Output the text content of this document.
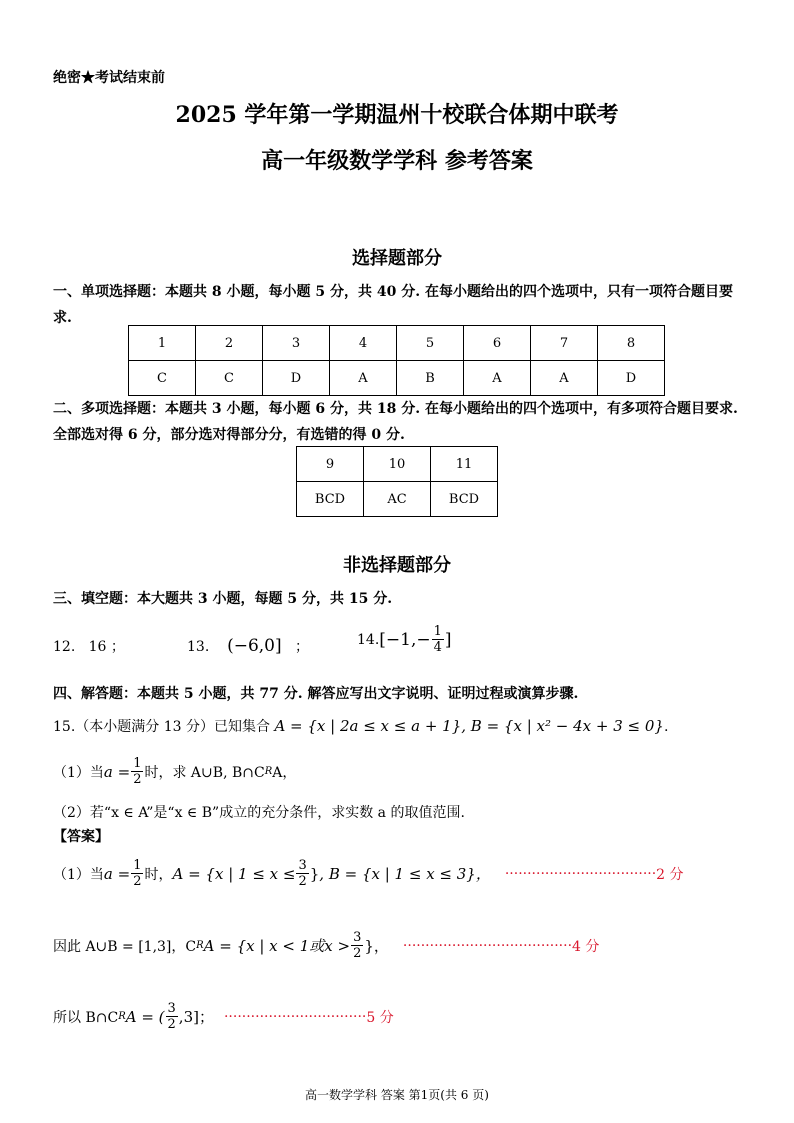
绝密★考试结束前
2025 学年第一学期温州十校联合体期中联考
高一年级数学学科 参考答案
选择题部分
一、单项选择题：本题共 8 小题，每小题 5 分，共 40 分. 在每小题给出的四个选项中，只有一项符合题目要求.
1	2	3	4	5	6	7	8
C	C	D	A	B	A	A	D
二、多项选择题：本题共 3 小题，每小题 6 分，共 18 分. 在每小题给出的四个选项中，有多项符合题目要求. 全部选对得 6 分，部分选对得部分分，有选错的得 0 分.
9	10	11
BCD	AC	BCD
非选择题部分
三、填空题：本大题共 3 小题，每题 5 分，共 15 分.
12. 16 ；	13. (−6,0] ；	14. [$-1,- \frac{1}{4}$ ]
四、解答题：本题共 5 小题，共 77 分. 解答应写出文字说明、证明过程或演算步骤.
15.（本小题满分 13 分）已知集合 A = {x | 2a ≤ x ≤ a + 1}, B = {x | x² − 4x + 3 ≤ 0}.
（1）当 $a = \frac{1}{2}$ 时，求 A∪B, B∩C R A，
（2）若“x ∈ A”是“x ∈ B”成立的充分条件，求实数 a 的取值范围.
【答案】
（1）当 $a = \frac{1}{2}$ 时， A = {x | $1 \le x \le \frac{3}{2}$ } , B = {x | 1 ≤ x ≤ 3}， ·································· 2 分
因此 A∪B = [1,3]，C R A = {x | x < 1或$x > \frac{3}{2}$ }， ······································ 4 分
所以 B∩C R A = ( $\frac{3}{2} ,3$]； ································ 5 分
高一数学学科 答案 第1页(共 6 页)
